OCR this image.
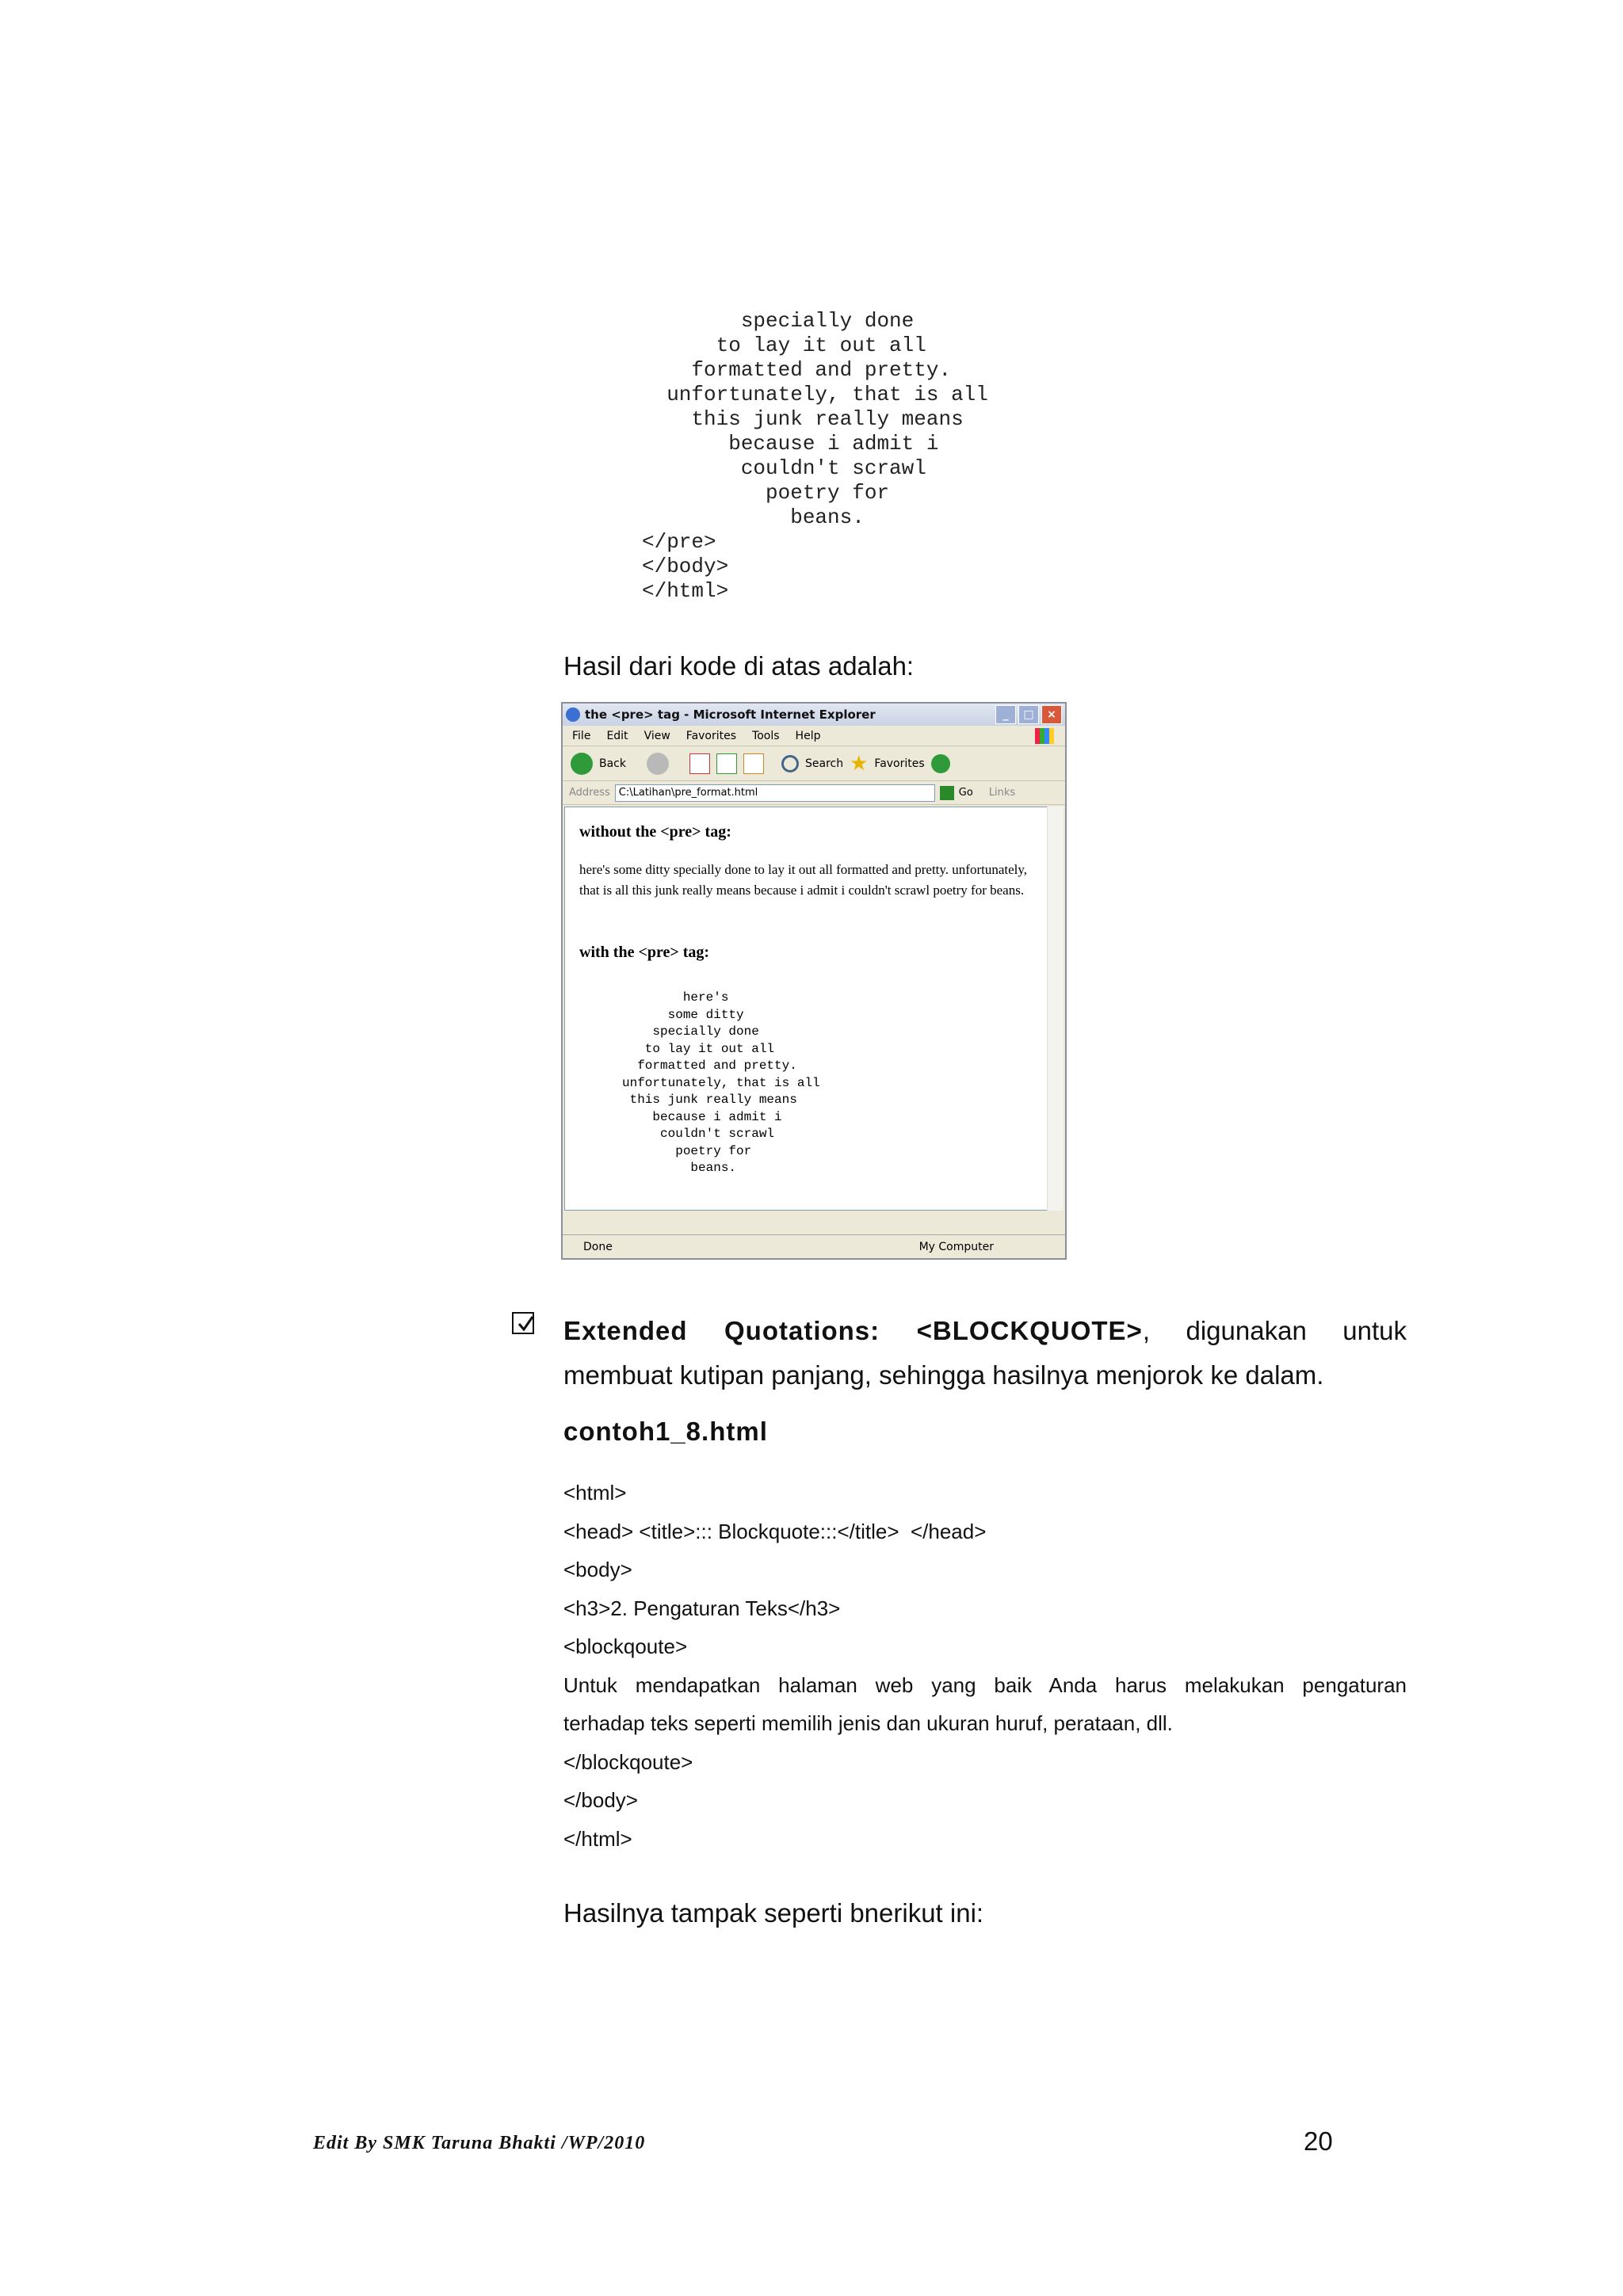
specially done
to lay it out all
formatted and pretty.
unfortunately, that is all
this junk really means
because i admit i
couldn't scrawl
poetry for
beans.
</pre>
</body>
</html>
Hasil dari kode di atas adalah:
the <pre> tag - Microsoft Internet Explorer	_	□	×
File Edit View Favorites Tools Help
Back	Search ★ Favorites
Address C:\Latihan\pre_format.html	Go Links
without the <pre> tag:
here's some ditty specially done to lay it out all formatted and pretty. unfortunately, that is all this junk really means because i admit i couldn't scrawl poetry for beans.
with the <pre> tag:
here's
some ditty
specially done
to lay it out all
formatted and pretty.
unfortunately, that is all
this junk really means
because i admit i
couldn't scrawl
poetry for
beans.
Done	My Computer
Extended Quotations: <BLOCKQUOTE>, digunakan untuk membuat kutipan panjang, sehingga hasilnya menjorok ke dalam.
contoh1_8.html
<html>
<head> <title>::: Blockquote:::</title>  </head>
<body>
<h3>2. Pengaturan Teks</h3>
<blockqoute>
Untuk mendapatkan halaman web yang baik Anda harus melakukan pengaturan
terhadap teks seperti memilih jenis dan ukuran huruf, perataan, dll.
</blockqoute>
</body>
</html>
Hasilnya tampak seperti bnerikut ini:
Edit By SMK Taruna Bhakti /WP/2010	20
